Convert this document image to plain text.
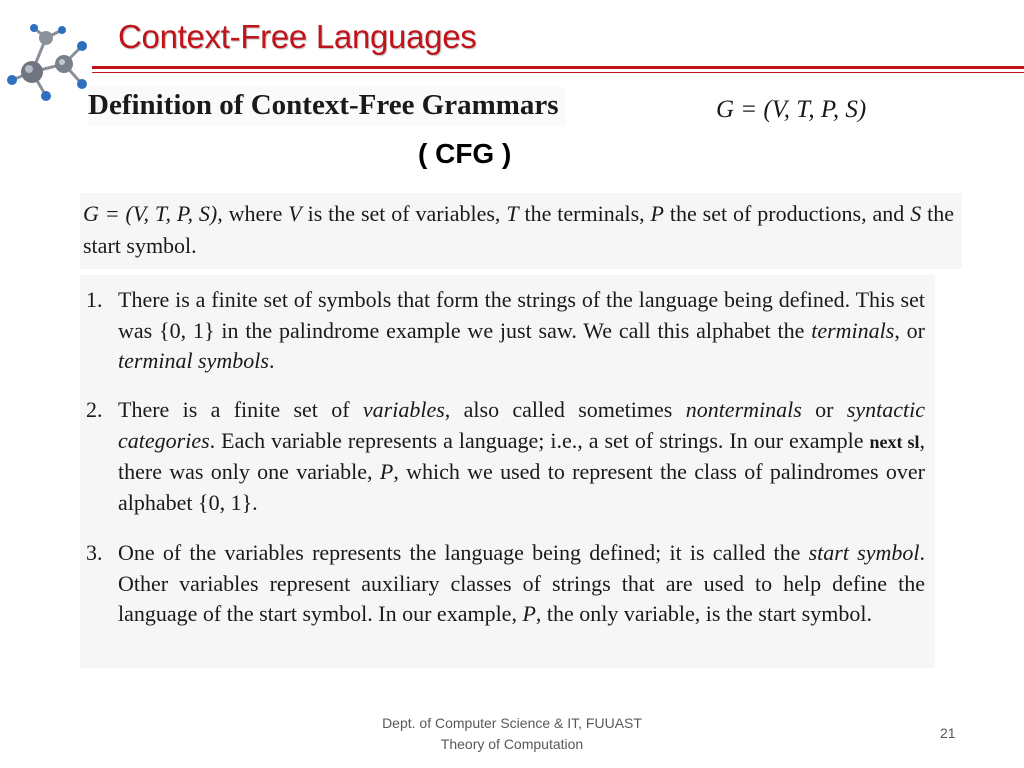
Context-Free Languages
Definition of Context-Free Grammars	G = (V, T, P, S)
( CFG )
G = (V, T, P, S), where V is the set of variables, T the terminals, P the set of productions, and S the start symbol.
1. There is a finite set of symbols that form the strings of the language being defined. This set was {0, 1} in the palindrome example we just saw. We call this alphabet the terminals, or terminal symbols.
2. There is a finite set of variables, also called sometimes nonterminals or syntactic categories. Each variable represents a language; i.e., a set of strings. In our example next sl, there was only one variable, P, which we used to represent the class of palindromes over alphabet {0, 1}.
3. One of the variables represents the language being defined; it is called the start symbol. Other variables represent auxiliary classes of strings that are used to help define the language of the start symbol. In our example, P, the only variable, is the start symbol.
Dept. of Computer Science & IT, FUUAST
Theory of Computation
21
